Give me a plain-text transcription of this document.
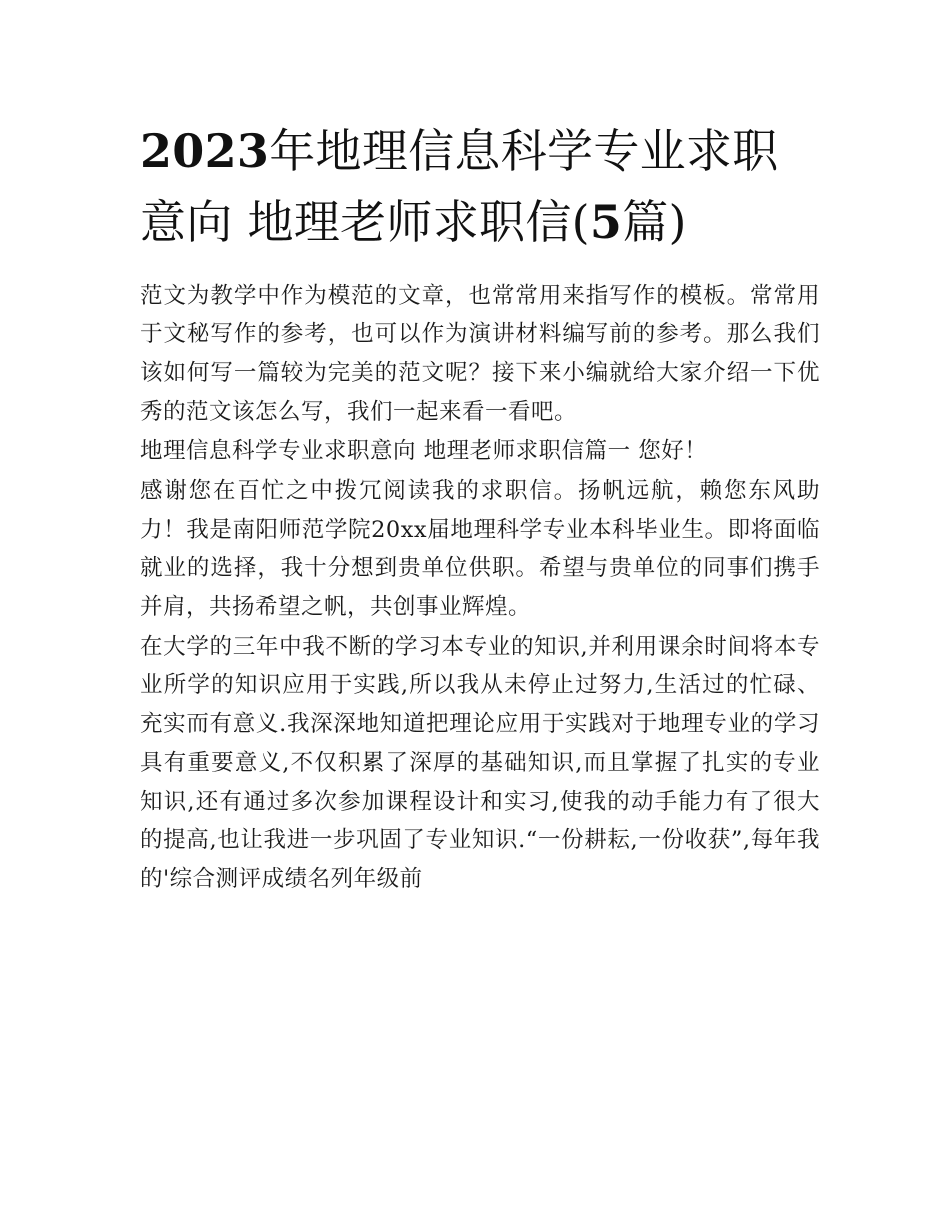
2023年地理信息科学专业求职意向 地理老师求职信(5篇)

范文为教学中作为模范的文章，也常常用来指写作的模板。常常用于文秘写作的参考，也可以作为演讲材料编写前的参考。那么我们该如何写一篇较为完美的范文呢？接下来小编就给大家介绍一下优秀的范文该怎么写，我们一起来看一看吧。

地理信息科学专业求职意向 地理老师求职信篇一 您好！

感谢您在百忙之中拨冗阅读我的求职信。扬帆远航，赖您东风助力！我是南阳师范学院20xx届地理科学专业本科毕业生。即将面临就业的选择，我十分想到贵单位供职。希望与贵单位的同事们携手并肩，共扬希望之帆，共创事业辉煌。

在大学的三年中我不断的学习本专业的知识,并利用课余时间将本专业所学的知识应用于实践,所以我从未停止过努力,生活过的忙碌、充实而有意义.我深深地知道把理论应用于实践对于地理专业的学习具有重要意义,不仅积累了深厚的基础知识,而且掌握了扎实的专业知识,还有通过多次参加课程设计和实习,使我的动手能力有了很大的提高,也让我进一步巩固了专业知识.“一份耕耘,一份收获”,每年我的'综合测评成绩名列年级前
